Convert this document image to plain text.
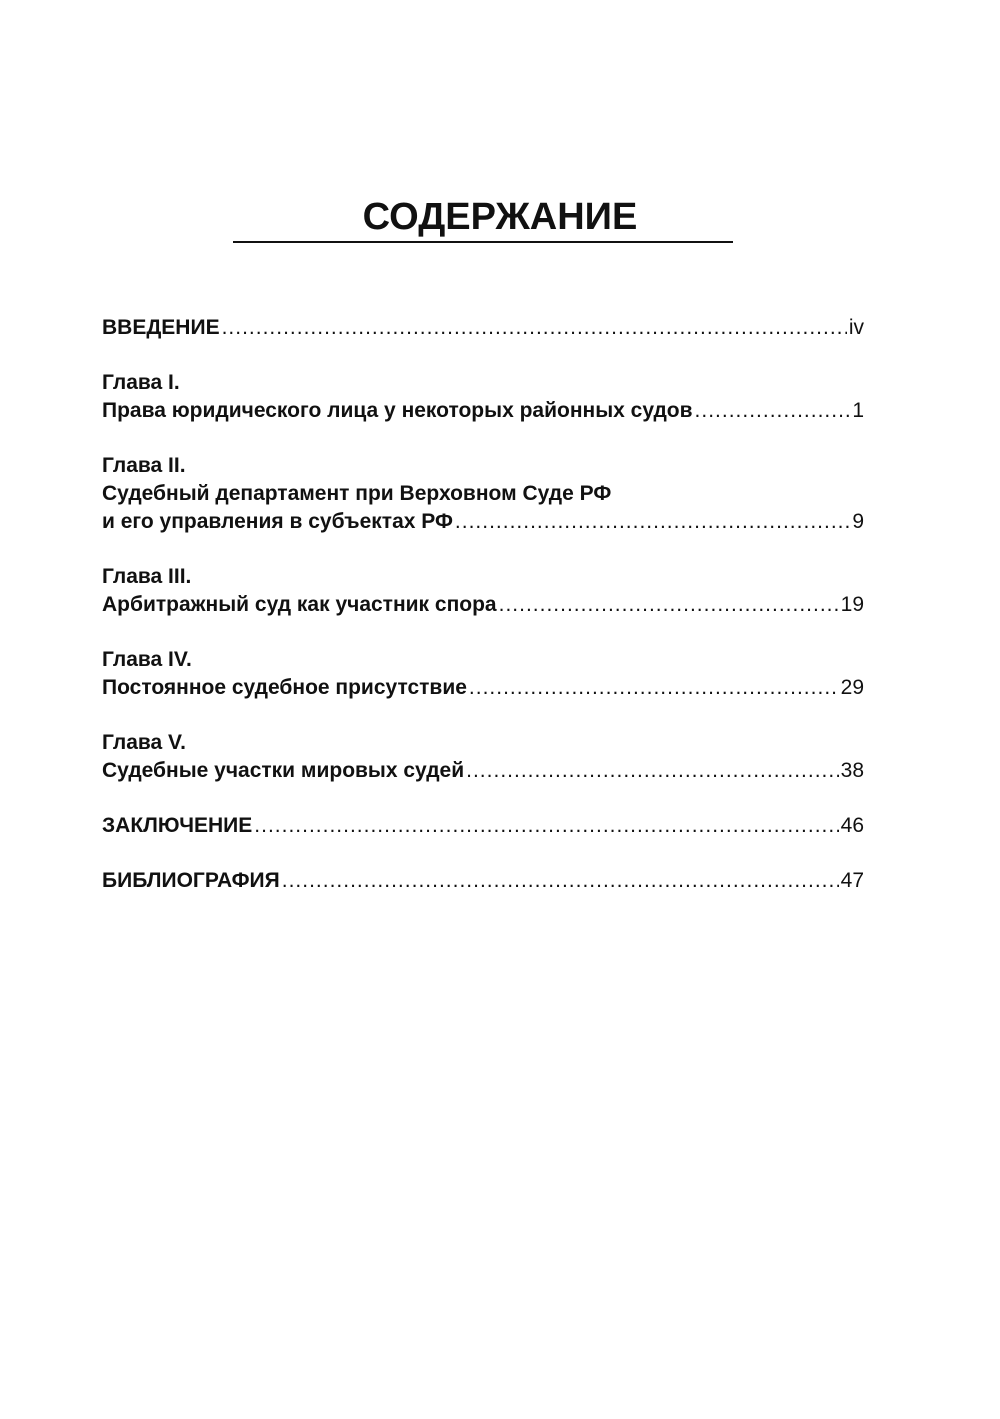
СОДЕРЖАНИЕ
ВВЕДЕНИЕ .....	iv
Глава I.
Права юридического лица у некоторых районных судов .....	1
Глава II.
Судебный департамент при Верховном Суде РФ
и его управления в субъектах РФ .....	9
Глава III.
Арбитражный суд как участник спора .....	19
Глава IV.
Постоянное судебное присутствие .....	29
Глава V.
Судебные участки мировых судей .....	38
ЗАКЛЮЧЕНИЕ .....	46
БИБЛИОГРАФИЯ .....	47
